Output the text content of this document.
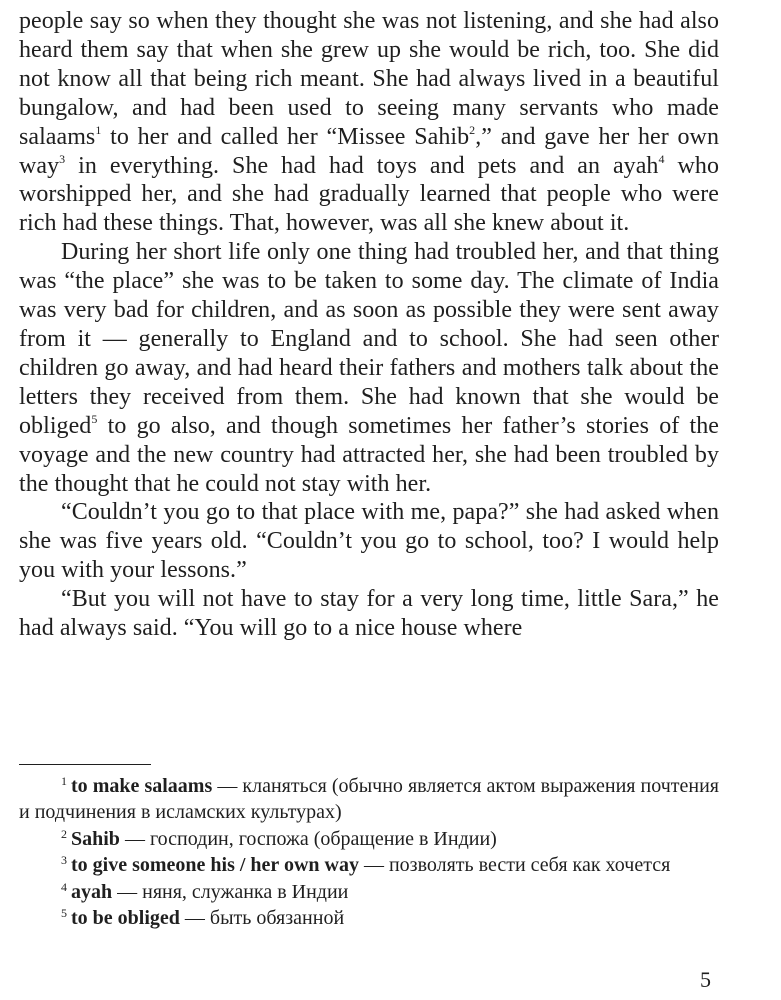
people say so when they thought she was not listening, and she had also heard them say that when she grew up she would be rich, too. She did not know all that being rich meant. She had always lived in a beautiful bungalow, and had been used to seeing many servants who made salaams$^1$ to her and called her “Missee Sahib$^2$,” and gave her her own way$^3$ in everything. She had had toys and pets and an ayah$^4$ who worshipped her, and she had gradually learned that people who were rich had these things. That, however, was all she knew about it.

During her short life only one thing had troubled her, and that thing was “the place” she was to be taken to some day. The climate of India was very bad for children, and as soon as possible they were sent away from it — generally to England and to school. She had seen other children go away, and had heard their fathers and mothers talk about the letters they received from them. She had known that she would be obliged$^5$ to go also, and though sometimes her father’s stories of the voyage and the new country had attracted her, she had been troubled by the thought that he could not stay with her.

“Couldn’t you go to that place with me, papa?” she had asked when she was five years old. “Couldn’t you go to school, too? I would help you with your lessons.”

“But you will not have to stay for a very long time, little Sara,” he had always said. “You will go to a nice house where

$^1$ to make salaams — кланяться (обычно является актом выражения почтения и подчинения в исламских культурах)

$^2$ Sahib — господин, госпожа (обращение в Индии)

$^3$ to give someone his / her own way — позволять вести себя как хочется

$^4$ ayah — няня, служанка в Индии

$^5$ to be obliged — быть обязанной

5
